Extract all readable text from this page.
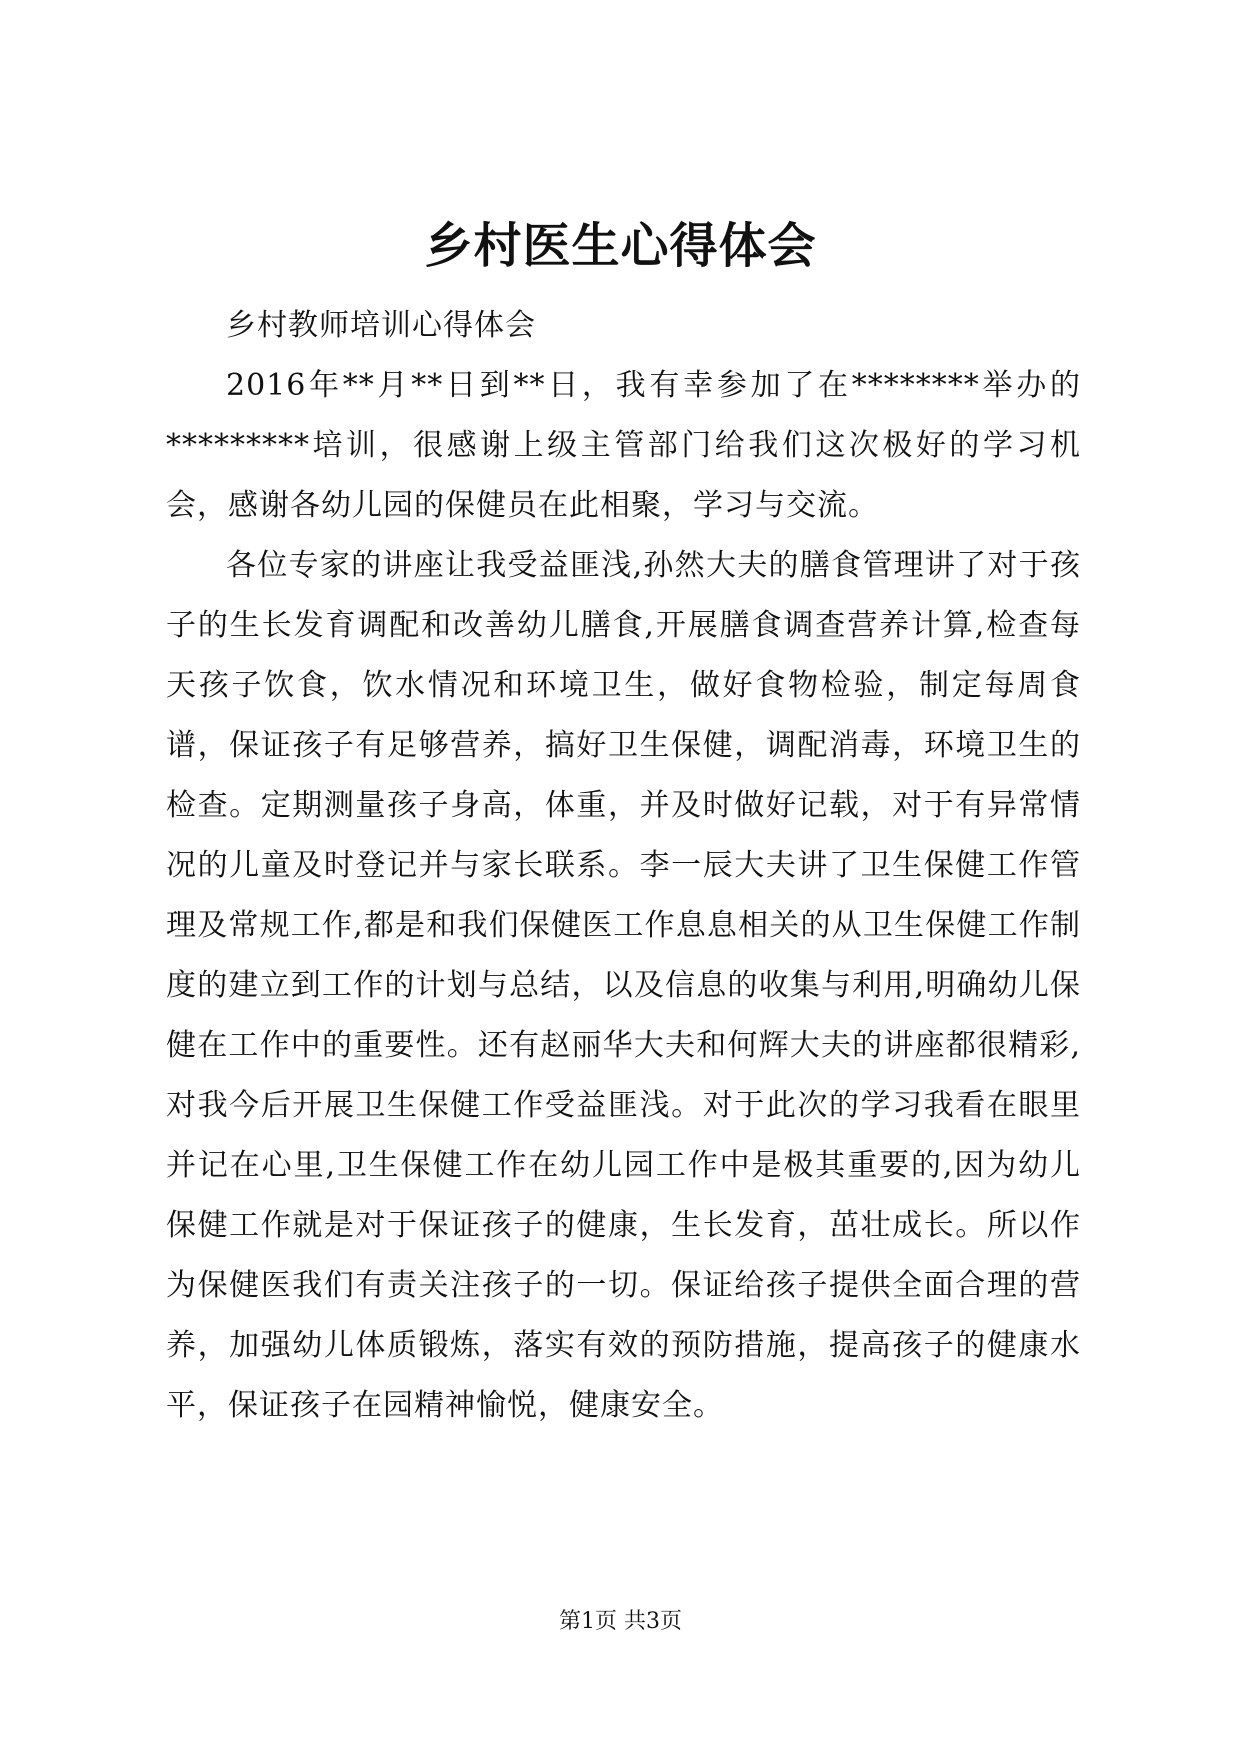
乡村医生心得体会

乡村教师培训心得体会

2016年**月**日到**日，我有幸参加了在********举办的*********培训，很感谢上级主管部门给我们这次极好的学习机会，感谢各幼儿园的保健员在此相聚，学习与交流。

各位专家的讲座让我受益匪浅,孙然大夫的膳食管理讲了对于孩子的生长发育调配和改善幼儿膳食,开展膳食调查营养计算,检查每天孩子饮食，饮水情况和环境卫生，做好食物检验，制定每周食谱，保证孩子有足够营养，搞好卫生保健，调配消毒，环境卫生的检查。定期测量孩子身高，体重，并及时做好记载，对于有异常情况的儿童及时登记并与家长联系。李一辰大夫讲了卫生保健工作管理及常规工作,都是和我们保健医工作息息相关的从卫生保健工作制度的建立到工作的计划与总结，以及信息的收集与利用,明确幼儿保健在工作中的重要性。还有赵丽华大夫和何辉大夫的讲座都很精彩,对我今后开展卫生保健工作受益匪浅。对于此次的学习我看在眼里并记在心里,卫生保健工作在幼儿园工作中是极其重要的,因为幼儿保健工作就是对于保证孩子的健康，生长发育，茁壮成长。所以作为保健医我们有责关注孩子的一切。保证给孩子提供全面合理的营养，加强幼儿体质锻炼，落实有效的预防措施，提高孩子的健康水平，保证孩子在园精神愉悦，健康安全。

第1页 共3页
